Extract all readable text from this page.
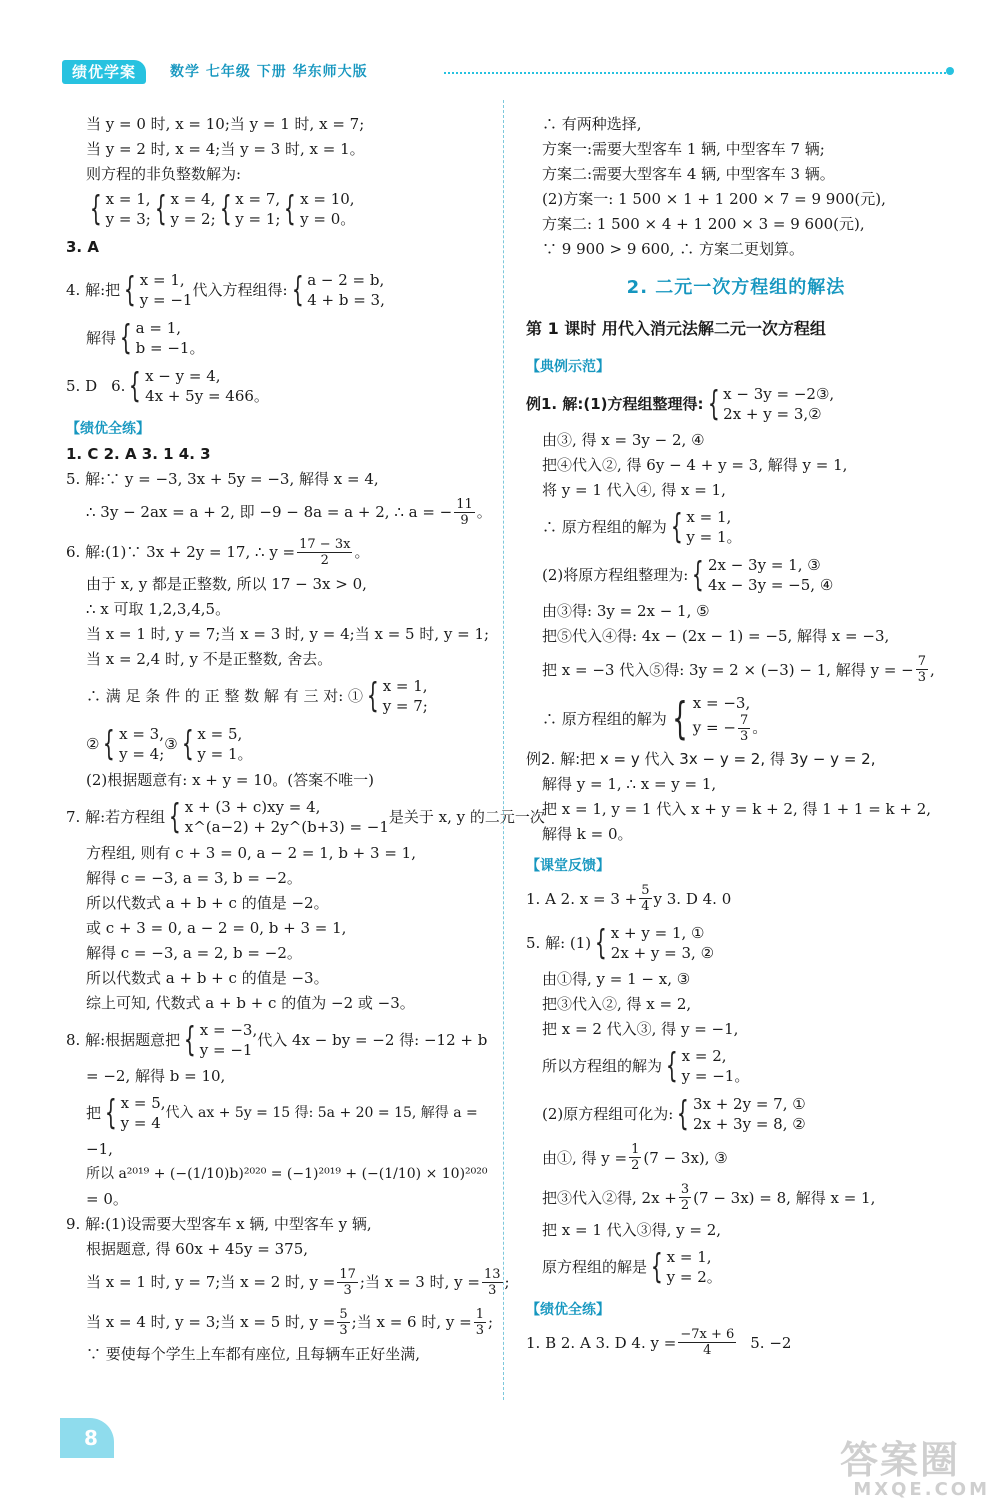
绩优学案	数学 七年级 下册 华东师大版

当 y = 0 时, x = 10;当 y = 1 时, x = 7;

当 y = 2 时, x = 4;当 y = 3 时, x = 1。

则方程的非负整数解为:

{ x = 1,
y = 3; { x = 4,
y = 2; { x = 7,
y = 1; { x = 10,
y = 0。

3. A

4. 解:把 { x = 1,
y = −1
代入方程组得: { a − 2 = b,
4 + b = 3,
解得 { a = 1,
b = −1。
5. D 6. { x − y = 4,
4x + 5y = 466。
【绩优全练】

1. C 2. A 3. 1 4. 3

5. 解:∵ y = −3, 3x + 5y = −3, 解得 x = 4,

∴ 3y − 2ax = a + 2, 即 −9 − 8a = a + 2, ∴ a = − $\frac{11}{9}$ 。
6. 解:(1)∵ 3x + 2y = 17, ∴ $y = \frac{17 - 3x}{2}$ 。

由于 x, y 都是正整数, 所以 17 − 3x > 0,

∴ x 可取 1,2,3,4,5。

当 x = 1 时, y = 7;当 x = 3 时, y = 4;当 x = 5 时, y = 1;

当 x = 2,4 时, y 不是正整数, 舍去。

∴ 满 足 条 件 的 正 整 数 解 有 三 对: ① { x = 1,
y = 7;
② { x = 3,
y = 4;
③ { x = 5,
y = 1。

(2)根据题意有: x + y = 10。(答案不唯一)

7. 解:若方程组 { x + (3 + c)xy = 4,
x^(a−2) + 2y^(b+3) = −1
是关于 x, y 的二元一次

方程组, 则有 c + 3 = 0, a − 2 = 1, b + 3 = 1,

解得 c = −3, a = 3, b = −2。

所以代数式 a + b + c 的值是 −2。

或 c + 3 = 0, a − 2 = 0, b + 3 = 1,

解得 c = −3, a = 2, b = −2。

所以代数式 a + b + c 的值是 −3。

综上可知, 代数式 a + b + c 的值为 −2 或 −3。

8. 解:根据题意把 { x = −3,
y = −1
代入 4x − by = −2 得: −12 + b

= −2, 解得 b = 10,

把 { x = 5,
y = 4
代入 ax + 5y = 15 得: 5a + 20 = 15, 解得 a =

−1,

所以 a²⁰¹⁹ + (−(1/10)b)²⁰²⁰ = (−1)²⁰¹⁹ + (−(1/10) × 10)²⁰²⁰

= 0。

9. 解:(1)设需要大型客车 x 辆, 中型客车 y 辆,

根据题意, 得 60x + 45y = 375,

当 x = 1 时, y = 7;当 x = 2 时, $y = \frac{17}{3}$ ;当 x = 3 时, $y = \frac{13}{3}$ ;
当 x = 4 时, y = 3;当 x = 5 时, $y = \frac{5}{3}$ ;当 x = 6 时, $y = \frac{1}{3}$ ;

∵ 要使每个学生上车都有座位, 且每辆车正好坐满,

∴ 有两种选择,

方案一:需要大型客车 1 辆, 中型客车 7 辆;

方案二:需要大型客车 4 辆, 中型客车 3 辆。

(2)方案一: 1 500 × 1 + 1 200 × 7 = 9 900(元),

方案二: 1 500 × 4 + 1 200 × 3 = 9 600(元),

∵ 9 900 > 9 600, ∴ 方案二更划算。

2. 二元一次方程组的解法
第 1 课时 用代入消元法解二元一次方程组
【典例示范】
例1. 解:(1)方程组整理得: { x − 3y = −2③,
2x + y = 3,②

由③, 得 x = 3y − 2, ④

把④代入②, 得 6y − 4 + y = 3, 解得 y = 1,

将 y = 1 代入④, 得 x = 1,

∴ 原方程组的解为 { x = 1,
y = 1。
(2)将原方程组整理为: { 2x − 3y = 1, ③
4x − 3y = −5, ④

由③得: 3y = 2x − 1, ⑤

把⑤代入④得: 4x − (2x − 1) = −5, 解得 x = −3,

把 x = −3 代入⑤得: 3y = 2 × (−3) − 1, 解得 y = − $\frac{7}{3}$ ,
∴ 原方程组的解为 { x = −3,
y = − $\frac{7}{3}$ 。

例2. 解:把 x = y 代入 3x − y = 2, 得 3y − y = 2,

解得 y = 1, ∴ x = y = 1,

把 x = 1, y = 1 代入 x + y = k + 2, 得 1 + 1 = k + 2,

解得 k = 0。

【课堂反馈】
1. A 2. $x = 3 + \frac{5}{4}$ y 3. D 4. 0
5. 解: (1) { x + y = 1, ①
2x + y = 3, ②

由①得, y = 1 − x, ③

把③代入②, 得 x = 2,

把 x = 2 代入③, 得 y = −1,

所以方程组的解为 { x = 2,
y = −1。
(2)原方程组可化为: { 3x + 2y = 7, ①
2x + 3y = 8, ②
由①, 得 $y = \frac{1}{2} (7 - 3x)$, ③
把③代入②得, $2x + \frac{3}{2} (7 - 3x) = 8$, 解得 x = 1,

把 x = 1 代入③得, y = 2,

原方程组的解是 { x = 1,
y = 2。
【绩优全练】
1. B 2. A 3. D 4. $y = \frac{-7x + 6}{4} 5$. −2
8	答案圈
MXQE.COM
